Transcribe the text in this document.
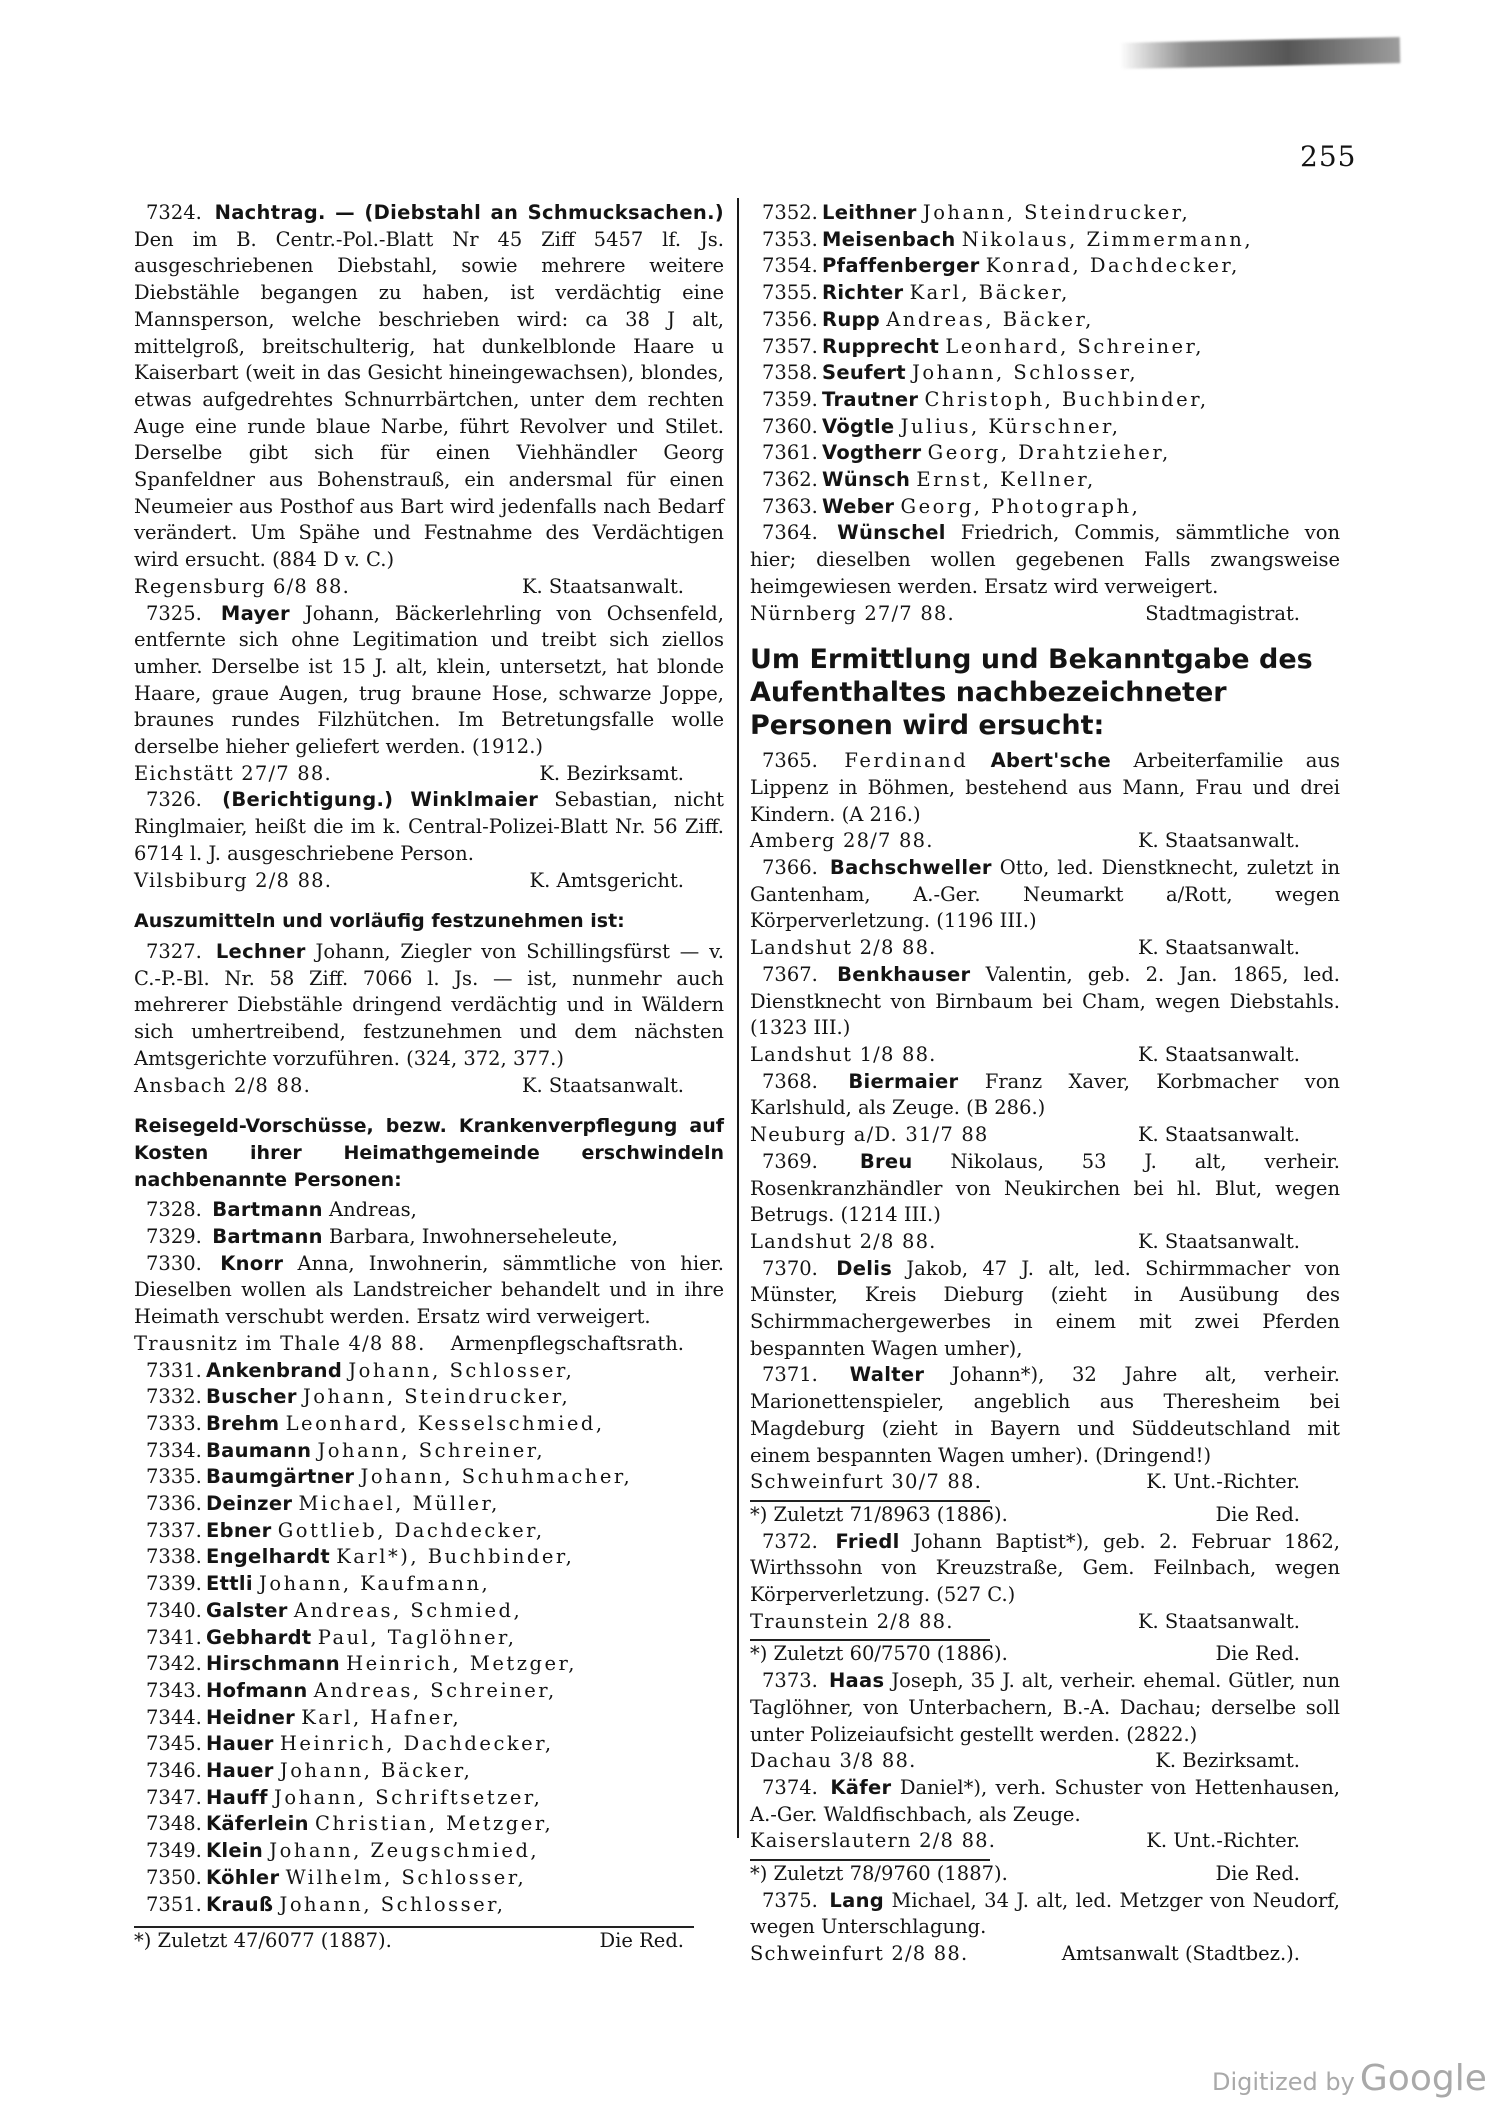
255
7324. Nachtrag. — (Diebstahl an Schmucksachen.) Den im B. Centr.-Pol.-Blatt Nr 45 Ziff 5457 lf. Js. ausgeschriebenen Diebstahl, sowie mehrere weitere Diebstähle begangen zu haben, ist verdächtig eine Mannsperson, welche beschrieben wird: ca 38 J alt, mittelgroß, breitschulterig, hat dunkelblonde Haare u Kaiserbart (weit in das Gesicht hineingewachsen), blondes, etwas aufgedrehtes Schnurrbärtchen, unter dem rechten Auge eine runde blaue Narbe, führt Revolver und Stilet. Derselbe gibt sich für einen Viehhändler Georg Spanfeldner aus Bohenstrauß, ein andersmal für einen Neumeier aus Posthof aus Bart wird jedenfalls nach Bedarf verändert. Um Spähe und Festnahme des Verdächtigen wird ersucht. (884 D v. C.)
Regensburg 6/8 88.	K. Staatsanwalt.
7325. Mayer Johann, Bäckerlehrling von Ochsenfeld, entfernte sich ohne Legitimation und treibt sich ziellos umher. Derselbe ist 15 J. alt, klein, untersetzt, hat blonde Haare, graue Augen, trug braune Hose, schwarze Joppe, braunes rundes Filzhütchen. Im Betretungsfalle wolle derselbe hieher geliefert werden. (1912.)
Eichstätt 27/7 88.	K. Bezirksamt.
7326. (Berichtigung.) Winklmaier Sebastian, nicht Ringlmaier, heißt die im k. Central-Polizei-Blatt Nr. 56 Ziff. 6714 l. J. ausgeschriebene Person.
Vilsbiburg 2/8 88.	K. Amtsgericht.
Auszumitteln und vorläufig festzunehmen ist:
7327. Lechner Johann, Ziegler von Schillingsfürst — v. C.-P.-Bl. Nr. 58 Ziff. 7066 l. Js. — ist, nunmehr auch mehrerer Diebstähle dringend verdächtig und in Wäldern sich umhertreibend, festzunehmen und dem nächsten Amtsgerichte vorzuführen. (324, 372, 377.)
Ansbach 2/8 88.	K. Staatsanwalt.
Reisegeld-Vorschüsse, bezw. Krankenverpflegung auf Kosten ihrer Heimathgemeinde erschwindeln nachbenannte Personen:
7328. Bartmann Andreas,
7329. Bartmann Barbara, Inwohnerseheleute,
7330. Knorr Anna, Inwohnerin, sämmtliche von hier. Dieselben wollen als Landstreicher behandelt und in ihre Heimath verschubt werden. Ersatz wird verweigert.
Trausnitz im Thale 4/8 88. Armenpflegschaftsrath.
7331. Ankenbrand Johann, Schlosser,
7332. Buscher Johann, Steindrucker,
7333. Brehm Leonhard, Kesselschmied,
7334. Baumann Johann, Schreiner,
7335. Baumgärtner Johann, Schuhmacher,
7336. Deinzer Michael, Müller,
7337. Ebner Gottlieb, Dachdecker,
7338. Engelhardt Karl*), Buchbinder,
7339. Ettli Johann, Kaufmann,
7340. Galster Andreas, Schmied,
7341. Gebhardt Paul, Taglöhner,
7342. Hirschmann Heinrich, Metzger,
7343. Hofmann Andreas, Schreiner,
7344. Heidner Karl, Hafner,
7345. Hauer Heinrich, Dachdecker,
7346. Hauer Johann, Bäcker,
7347. Hauff Johann, Schriftsetzer,
7348. Käferlein Christian, Metzger,
7349. Klein Johann, Zeugschmied,
7350. Köhler Wilhelm, Schlosser,
7351. Krauß Johann, Schlosser,
*) Zuletzt 47/6077 (1887).	Die Red.
7352. Leithner Johann, Steindrucker,
7353. Meisenbach Nikolaus, Zimmermann,
7354. Pfaffenberger Konrad, Dachdecker,
7355. Richter Karl, Bäcker,
7356. Rupp Andreas, Bäcker,
7357. Rupprecht Leonhard, Schreiner,
7358. Seufert Johann, Schlosser,
7359. Trautner Christoph, Buchbinder,
7360. Vögtle Julius, Kürschner,
7361. Vogtherr Georg, Drahtzieher,
7362. Wünsch Ernst, Kellner,
7363. Weber Georg, Photograph,
7364. Wünschel Friedrich, Commis, sämmtliche von hier; dieselben wollen gegebenen Falls zwangsweise heimgewiesen werden. Ersatz wird verweigert.
Nürnberg 27/7 88.	Stadtmagistrat.
Um Ermittlung und Bekanntgabe des Aufenthaltes nachbezeichneter Personen wird ersucht:
7365. Ferdinand Abert'sche Arbeiterfamilie aus Lippenz in Böhmen, bestehend aus Mann, Frau und drei Kindern. (A 216.)
Amberg 28/7 88.	K. Staatsanwalt.
7366. Bachschweller Otto, led. Dienstknecht, zuletzt in Gantenham, A.-Ger. Neumarkt a/Rott, wegen Körperverletzung. (1196 III.)
Landshut 2/8 88.	K. Staatsanwalt.
7367. Benkhauser Valentin, geb. 2. Jan. 1865, led. Dienstknecht von Birnbaum bei Cham, wegen Diebstahls. (1323 III.)
Landshut 1/8 88.	K. Staatsanwalt.
7368. Biermaier Franz Xaver, Korbmacher von Karlshuld, als Zeuge. (B 286.)
Neuburg a/D. 31/7 88	K. Staatsanwalt.
7369. Breu Nikolaus, 53 J. alt, verheir. Rosenkranzhändler von Neukirchen bei hl. Blut, wegen Betrugs. (1214 III.)
Landshut 2/8 88.	K. Staatsanwalt.
7370. Delis Jakob, 47 J. alt, led. Schirmmacher von Münster, Kreis Dieburg (zieht in Ausübung des Schirmmachergewerbes in einem mit zwei Pferden bespannten Wagen umher),
7371. Walter Johann*), 32 Jahre alt, verheir. Marionettenspieler, angeblich aus Theresheim bei Magdeburg (zieht in Bayern und Süddeutschland mit einem bespannten Wagen umher). (Dringend!)
Schweinfurt 30/7 88.	K. Unt.-Richter.
*) Zuletzt 71/8963 (1886).	Die Red.
7372. Friedl Johann Baptist*), geb. 2. Februar 1862, Wirthssohn von Kreuzstraße, Gem. Feilnbach, wegen Körperverletzung. (527 C.)
Traunstein 2/8 88.	K. Staatsanwalt.
*) Zuletzt 60/7570 (1886).	Die Red.
7373. Haas Joseph, 35 J. alt, verheir. ehemal. Gütler, nun Taglöhner, von Unterbachern, B.-A. Dachau; derselbe soll unter Polizeiaufsicht gestellt werden. (2822.)
Dachau 3/8 88.	K. Bezirksamt.
7374. Käfer Daniel*), verh. Schuster von Hettenhausen, A.-Ger. Waldfischbach, als Zeuge.
Kaiserslautern 2/8 88.	K. Unt.-Richter.
*) Zuletzt 78/9760 (1887).	Die Red.
7375. Lang Michael, 34 J. alt, led. Metzger von Neudorf, wegen Unterschlagung.
Schweinfurt 2/8 88.	Amtsanwalt (Stadtbez.).
Digitized by Google
